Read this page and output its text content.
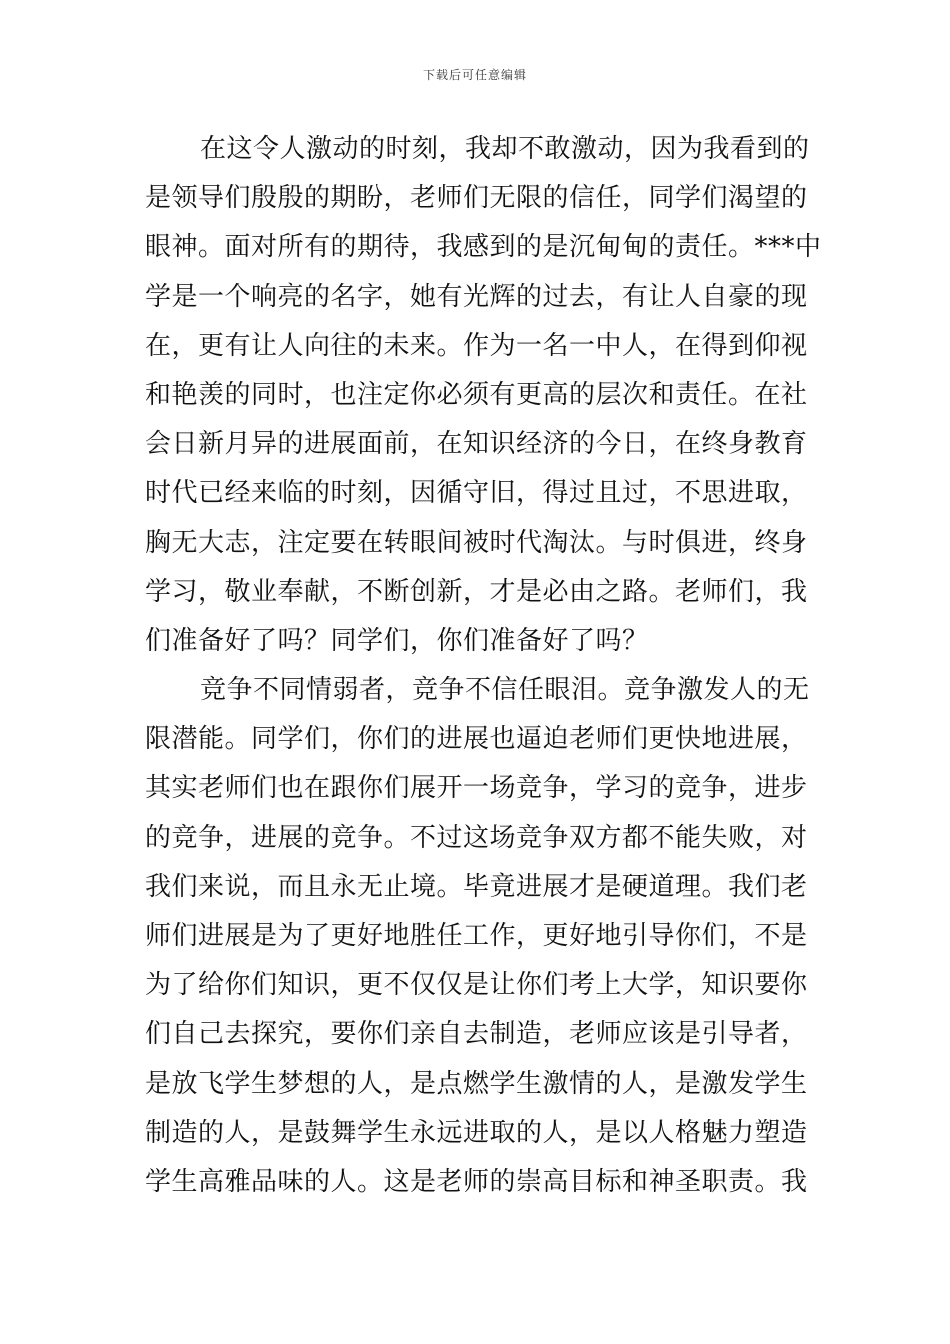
下载后可任意编辑
在这令人激动的时刻，我却不敢激动，因为我看到的
是领导们殷殷的期盼，老师们无限的信任，同学们渴望的
眼神。面对所有的期待，我感到的是沉甸甸的责任。***中
学是一个响亮的名字，她有光辉的过去，有让人自豪的现
在，更有让人向往的未来。作为一名一中人，在得到仰视
和艳羡的同时，也注定你必须有更高的层次和责任。在社
会日新月异的进展面前，在知识经济的今日，在终身教育
时代已经来临的时刻，因循守旧，得过且过，不思进取，
胸无大志，注定要在转眼间被时代淘汰。与时俱进，终身
学习，敬业奉献，不断创新，才是必由之路。老师们，我
们准备好了吗？同学们，你们准备好了吗？
竞争不同情弱者，竞争不信任眼泪。竞争激发人的无
限潜能。同学们，你们的进展也逼迫老师们更快地进展，
其实老师们也在跟你们展开一场竞争，学习的竞争，进步
的竞争，进展的竞争。不过这场竞争双方都不能失败，对
我们来说，而且永无止境。毕竟进展才是硬道理。我们老
师们进展是为了更好地胜任工作，更好地引导你们，不是
为了给你们知识，更不仅仅是让你们考上大学，知识要你
们自己去探究，要你们亲自去制造，老师应该是引导者，
是放飞学生梦想的人，是点燃学生激情的人，是激发学生
制造的人，是鼓舞学生永远进取的人，是以人格魅力塑造
学生高雅品味的人。这是老师的崇高目标和神圣职责。我
